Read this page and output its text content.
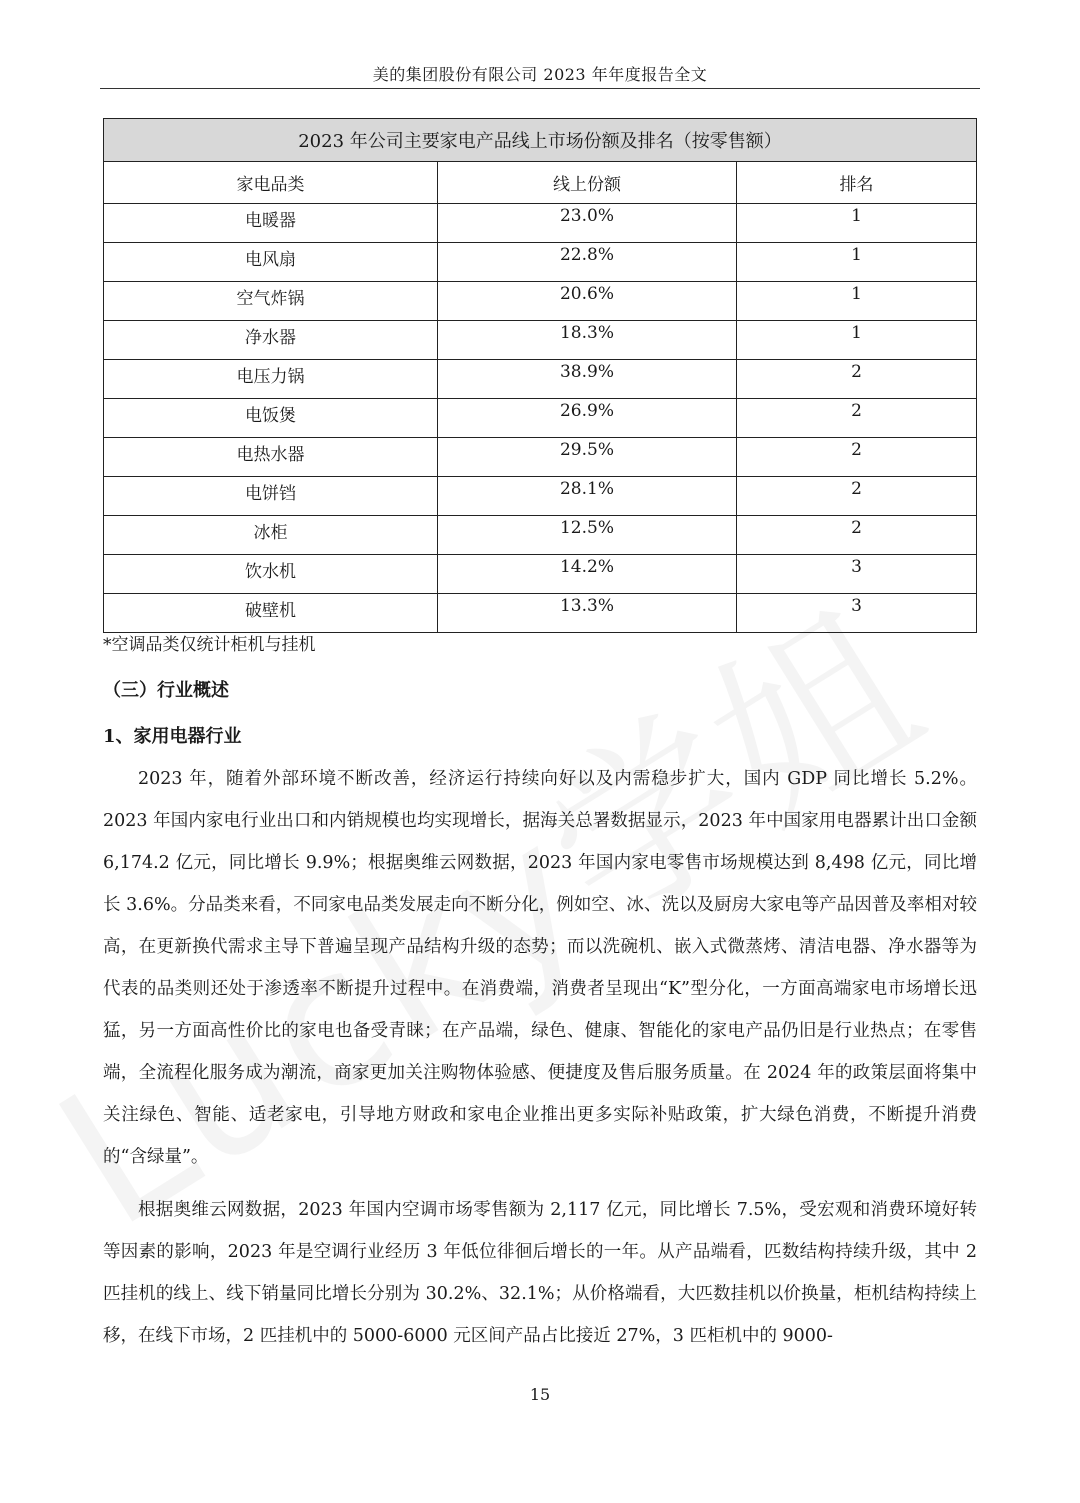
美的集团股份有限公司 2023 年年度报告全文
2023 年公司主要家电产品线上市场份额及排名（按零售额）		
家电品类	线上份额	排名
电暖器	23.0%	1
电风扇	22.8%	1
空气炸锅	20.6%	1
净水器	18.3%	1
电压力锅	38.9%	2
电饭煲	26.9%	2
电热水器	29.5%	2
电饼铛	28.1%	2
冰柜	12.5%	2
饮水机	14.2%	3
破壁机	13.3%	3
*空调品类仅统计柜机与挂机
（三）行业概述
1、家用电器行业

2023 年，随着外部环境不断改善，经济运行持续向好以及内需稳步扩大，国内 GDP 同比增长 5.2%。2023 年国内家电行业出口和内销规模也均实现增长，据海关总署数据显示，2023 年中国家用电器累计出口金额 6,174.2 亿元，同比增长 9.9%；根据奥维云网数据，2023 年国内家电零售市场规模达到 8,498 亿元，同比增长 3.6%。分品类来看，不同家电品类发展走向不断分化，例如空、冰、洗以及厨房大家电等产品因普及率相对较高，在更新换代需求主导下普遍呈现产品结构升级的态势；而以洗碗机、嵌入式微蒸烤、清洁电器、净水器等为代表的品类则还处于渗透率不断提升过程中。在消费端，消费者呈现出“K”型分化，一方面高端家电市场增长迅猛，另一方面高性价比的家电也备受青睐；在产品端，绿色、健康、智能化的家电产品仍旧是行业热点；在零售端，全流程化服务成为潮流，商家更加关注购物体验感、便捷度及售后服务质量。在 2024 年的政策层面将集中关注绿色、智能、适老家电，引导地方财政和家电企业推出更多实际补贴政策，扩大绿色消费，不断提升消费的“含绿量”。

根据奥维云网数据，2023 年国内空调市场零售额为 2,117 亿元，同比增长 7.5%，受宏观和消费环境好转等因素的影响，2023 年是空调行业经历 3 年低位徘徊后增长的一年。从产品端看，匹数结构持续升级，其中 2 匹挂机的线上、线下销量同比增长分别为 30.2%、32.1%；从价格端看，大匹数挂机以价换量，柜机结构持续上移，在线下市场，2 匹挂机中的 5000-6000 元区间产品占比接近 27%，3 匹柜机中的 9000-

15
